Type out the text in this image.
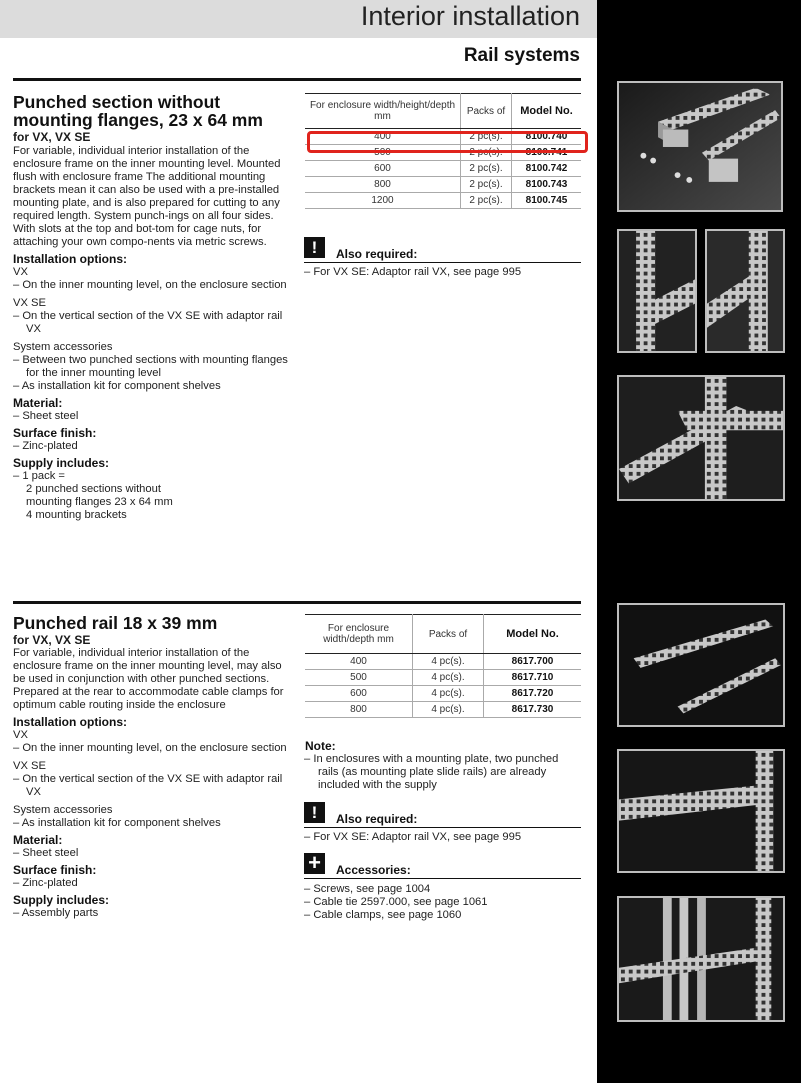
Interior installation
Rail systems
Punched section without mounting flanges, 23 x 64 mm
for VX, VX SE

For variable, individual interior installation of the enclosure frame on the inner mounting level. Mounted flush with enclosure frame The additional mounting brackets mean it can also be used with a pre-installed mounting plate, and is also prepared for cutting to any required length. System punch-ings on all four sides. With slots at the top and bot-tom for cage nuts, for attaching your own compo-nents via metric screws.

Installation options:

VX

– On the inner mounting level, on the enclosure section

VX SE

– On the vertical section of the VX SE with adaptor rail VX

System accessories

– Between two punched sections with mounting flanges for the inner mounting level

– As installation kit for component shelves

Material:

– Sheet steel

Surface finish:

– Zinc-plated

Supply includes:

– 1 pack =

2 punched sections without

mounting flanges 23 x 64 mm

4 mounting brackets

For enclosure width/height/depth mm	Packs of	Model No.
400	2 pc(s).	8100.740
500	2 pc(s).	8100.741
600	2 pc(s).	8100.742
800	2 pc(s).	8100.743
1200	2 pc(s).	8100.745
!	Also required:

– For VX SE: Adaptor rail VX, see page 995

Punched rail 18 x 39 mm
for VX, VX SE

For variable, individual interior installation of the enclosure frame on the inner mounting level, may also be used in conjunction with other punched sections. Prepared at the rear to accommodate cable clamps for optimum cable routing inside the enclosure

Installation options:

VX

– On the inner mounting level, on the enclosure section

VX SE

– On the vertical section of the VX SE with adaptor rail VX

System accessories

– As installation kit for component shelves

Material:

– Sheet steel

Surface finish:

– Zinc-plated

Supply includes:

– Assembly parts

For enclosure width/depth mm	Packs of	Model No.
400	4 pc(s).	8617.700
500	4 pc(s).	8617.710
600	4 pc(s).	8617.720
800	4 pc(s).	8617.730
Note:

– In enclosures with a mounting plate, two punched rails (as mounting plate slide rails) are already included with the supply

!	Also required:

– For VX SE: Adaptor rail VX, see page 995

+	Accessories:

– Screws, see page 1004

– Cable tie 2597.000, see page 1061

– Cable clamps, see page 1060
